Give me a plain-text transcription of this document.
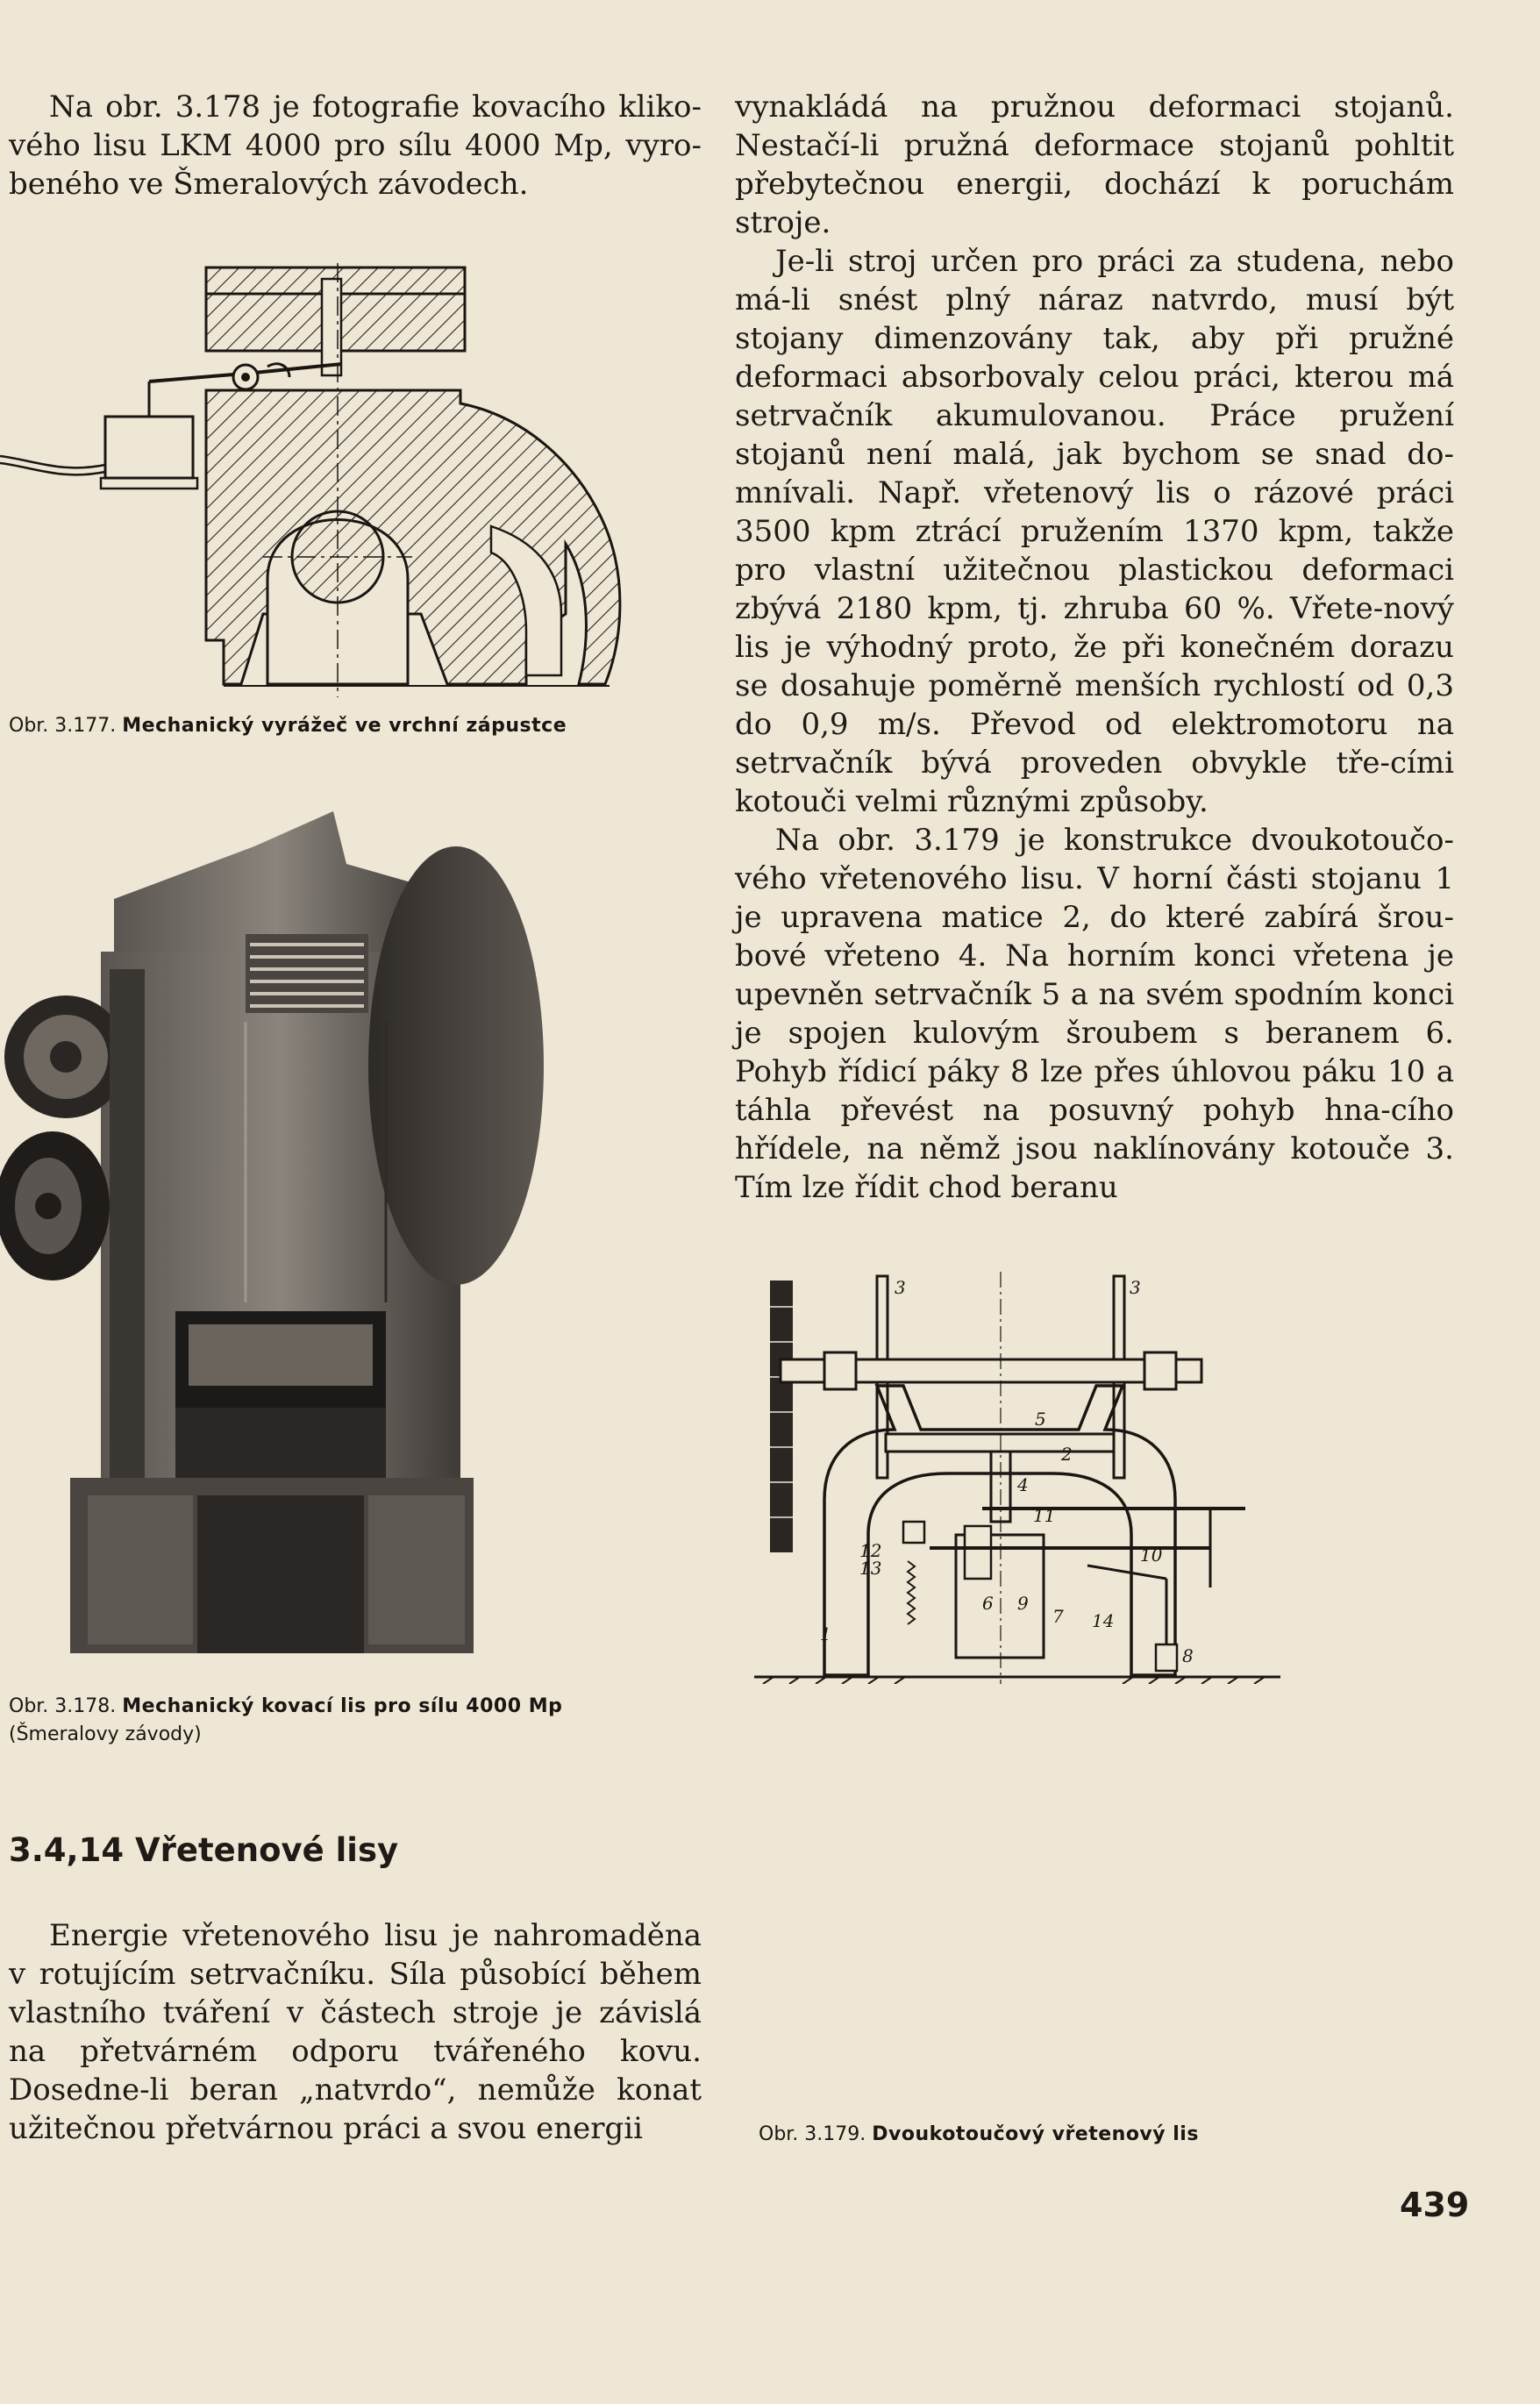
Na obr. 3.178 je fotografie kovacího kliko-vého lisu LKM 4000 pro sílu 4000 Mp, vyro-beného ve Šmeralových závodech.

Obr. 3.177. Mechanický vyrážeč ve vrchní zápustce
Obr. 3.178. Mechanický kovací lis pro sílu 4000 Mp
(Šmeralovy závody)
3.4,14 Vřetenové lisy

Energie vřetenového lisu je nahromaděna v rotujícím setrvačníku. Síla působící během vlastního tváření v částech stroje je závislá na přetvárném odporu tvářeného kovu. Dosedne-li beran „natvrdo“, nemůže konat užitečnou přetvárnou práci a svou energii

vynakládá na pružnou deformaci stojanů. Nestačí-li pružná deformace stojanů pohltit přebytečnou energii, dochází k poruchám stroje.

Je-li stroj určen pro práci za studena, nebo má-li snést plný náraz natvrdo, musí být stojany dimenzovány tak, aby při pružné deformaci absorbovaly celou práci, kterou má setrvačník akumulovanou. Práce pružení stojanů není malá, jak bychom se snad do-mnívali. Např. vřetenový lis o rázové práci 3500 kpm ztrácí pružením 1370 kpm, takže pro vlastní užitečnou plastickou deformaci zbývá 2180 kpm, tj. zhruba 60 %. Vřete-nový lis je výhodný proto, že při konečném dorazu se dosahuje poměrně menších rychlostí od 0,3 do 0,9 m/s. Převod od elektromotoru na setrvačník bývá proveden obvykle tře-cími kotouči velmi různými způsoby.

Na obr. 3.179 je konstrukce dvoukotoučo-vého vřetenového lisu. V horní části stojanu 1 je upravena matice 2, do které zabírá šrou-bové vřeteno 4. Na horním konci vřetena je upevněn setrvačník 5 a na svém spodním konci je spojen kulovým šroubem s beranem 6. Pohyb řídicí páky 8 lze přes úhlovou páku 10 a táhla převést na posuvný pohyb hna-cího hřídele, na němž jsou naklínovány kotouče 3. Tím lze řídit chod beranu

3	3
5
4
2
11
12
13
10
6 9
7 14
8
1
Obr. 3.179. Dvoukotoučový vřetenový lis
439
